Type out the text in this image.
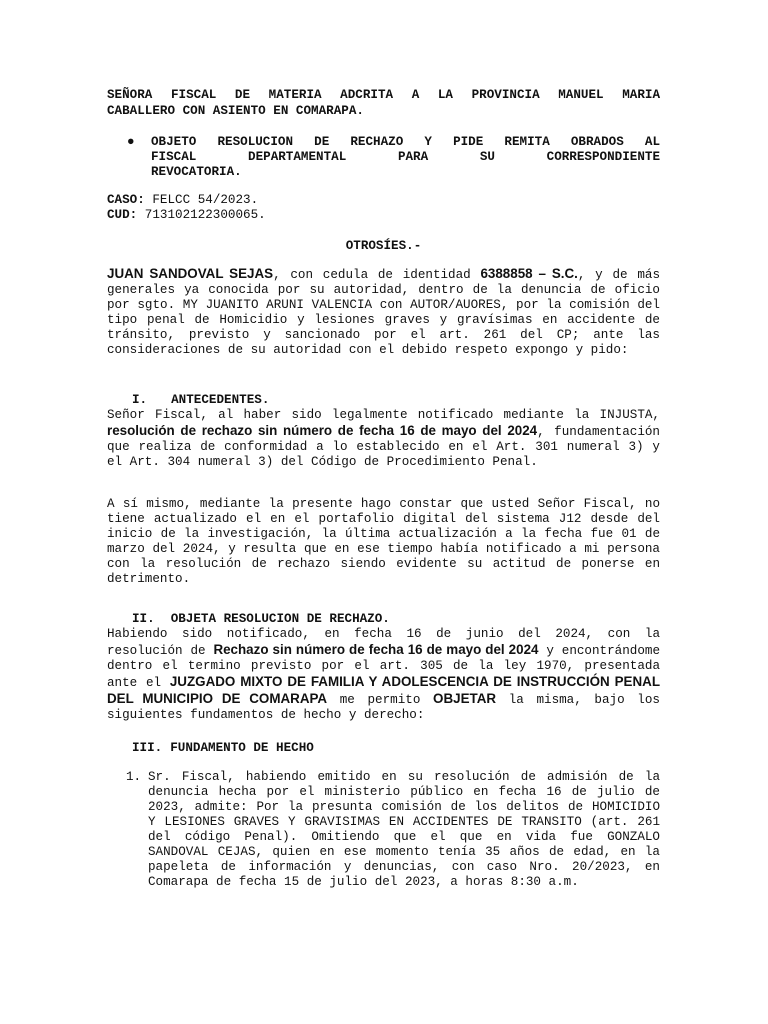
SEÑORA FISCAL DE MATERIA ADCRITA A LA PROVINCIA MANUEL MARIA
CABALLERO CON ASIENTO EN COMARAPA.
●	OBJETO RESOLUCION DE RECHAZO Y PIDE REMITA OBRADOS AL
FISCAL DEPARTAMENTAL PARA SU CORRESPONDIENTE
REVOCATORIA.
CASO: FELCC 54/2023.
CUD: 713102122300065.
OTROSÍES.-

JUAN SANDOVAL SEJAS, con cedula de identidad 6388858 – S.C., y de más generales ya conocida por su autoridad, dentro de la denuncia de oficio por sgto. MY JUANITO ARUNI VALENCIA con AUTOR/AUORES, por la comisión del tipo penal de Homicidio y lesiones graves y gravísimas en accidente de tránsito, previsto y sancionado por el art. 261 del CP; ante las consideraciones de su autoridad con el debido respeto expongo y pido:

I. ANTECEDENTES.

Señor Fiscal, al haber sido legalmente notificado mediante la INJUSTA, resolución de rechazo sin número de fecha 16 de mayo del 2024, fundamentación que realiza de conformidad a lo establecido en el Art. 301 numeral 3) y el Art. 304 numeral 3) del Código de Procedimiento Penal.

A sí mismo, mediante la presente hago constar que usted Señor Fiscal, no tiene actualizado el en el portafolio digital del sistema J12 desde del inicio de la investigación, la última actualización a la fecha fue 01 de marzo del 2024, y resulta que en ese tiempo había notificado a mi persona con la resolución de rechazo siendo evidente su actitud de ponerse en detrimento.

II. OBJETA RESOLUCION DE RECHAZO.

Habiendo sido notificado, en fecha 16 de junio del 2024, con la resolución de Rechazo sin número de fecha 16 de mayo del 2024 y encontrándome dentro el termino previsto por el art. 305 de la ley 1970, presentada ante el JUZGADO MIXTO DE FAMILIA Y ADOLESCENCIA DE INSTRUCCIÓN PENAL DEL MUNICIPIO DE COMARAPA me permito OBJETAR la misma, bajo los siguientes fundamentos de hecho y derecho:

III. FUNDAMENTO DE HECHO
1. Sr. Fiscal, habiendo emitido en su resolución de admisión de la denuncia hecha por el ministerio público en fecha 16 de julio de 2023, admite: Por la presunta comisión de los delitos de HOMICIDIO Y LESIONES GRAVES Y GRAVISIMAS EN ACCIDENTES DE TRANSITO (art. 261 del código Penal). Omitiendo que el que en vida fue GONZALO SANDOVAL CEJAS, quien en ese momento tenía 35 años de edad, en la papeleta de información y denuncias, con caso Nro. 20/2023, en Comarapa de fecha 15 de julio del 2023, a horas 8:30 a.m.
